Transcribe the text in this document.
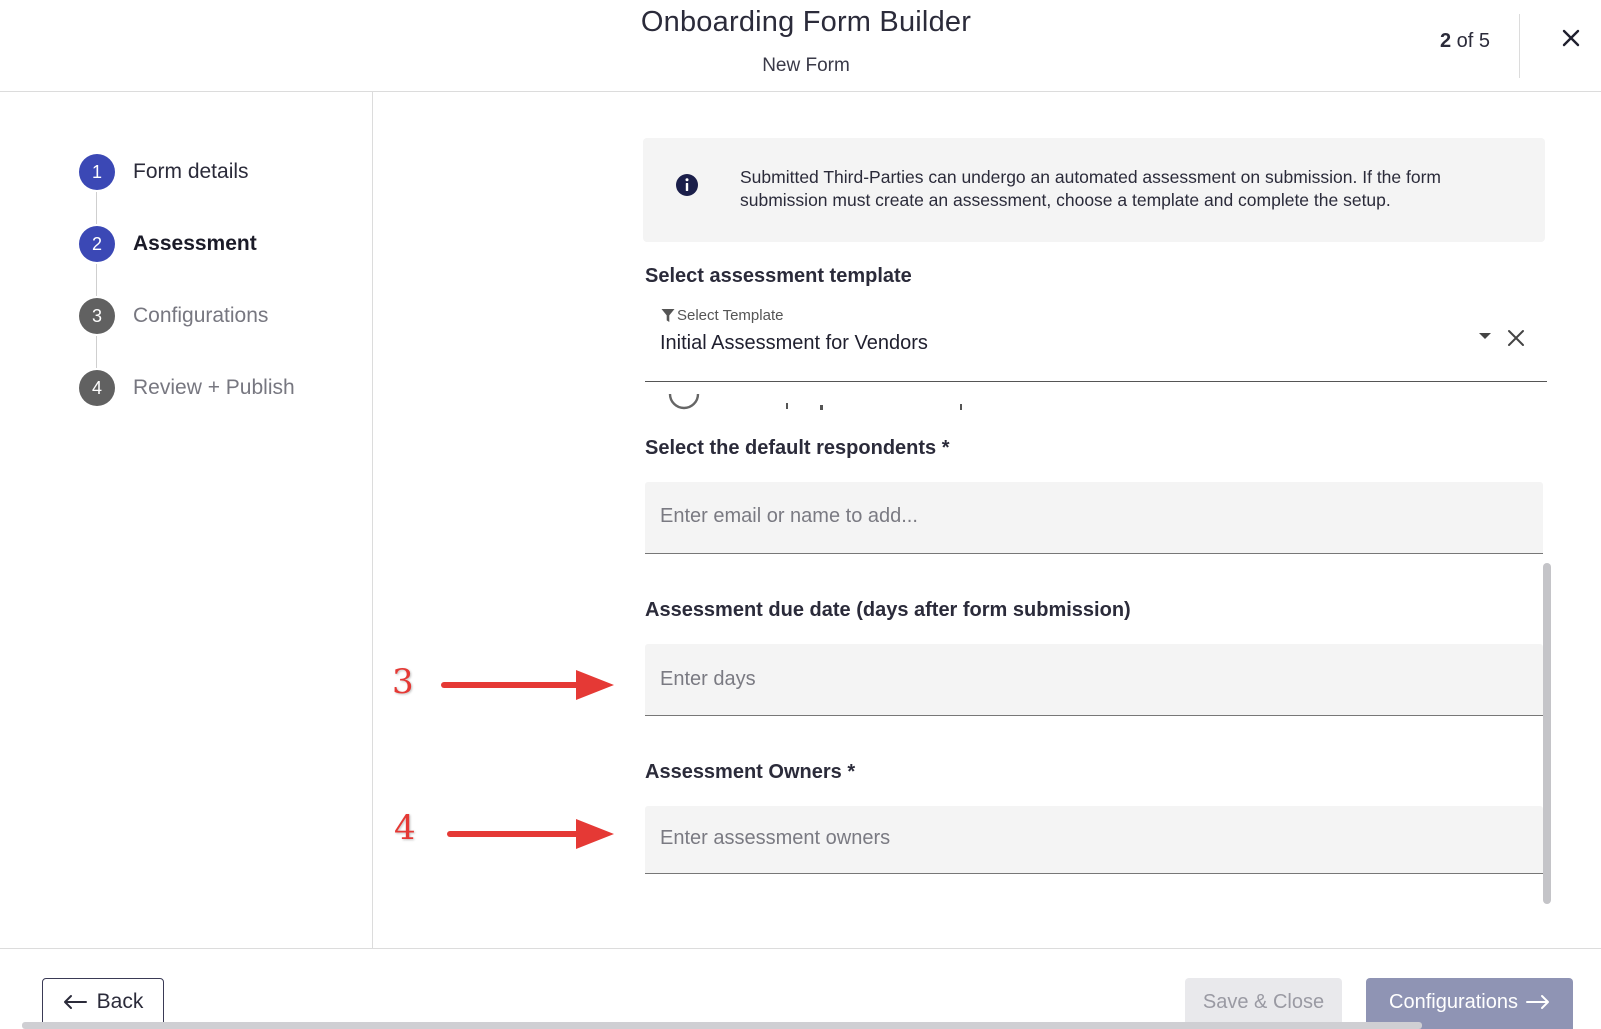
Onboarding Form Builder
New Form
2 of 5
1	Form details
2	Assessment
3	Configurations
4	Review + Publish
Submitted Third-Parties can undergo an automated assessment on submission. If the form submission must create an assessment, choose a template and complete the setup.
Select assessment template
Select Template
Initial Assessment for Vendors
Select the default respondents *
Enter email or name to add...
Assessment due date (days after form submission)
Enter days
Assessment Owners *
Enter assessment owners
3
4
Back	Save & Close	Configurations
